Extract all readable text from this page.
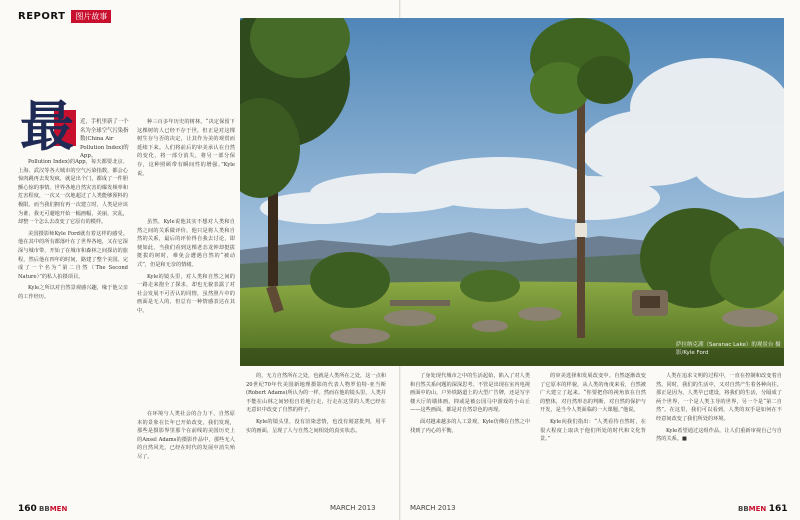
REPORT	图片故事
最	近，手机里新了一个名为全球空气污染指数(China Air Pollution Index)的App。

Pollution Index)的App，每天都要北京、上海、武汉等各大城市的空气污染指数，都会心惊肉跳再去发发疯，就是出个门，都成了一件胆颤心惊的事情。世界各地自然灾害的爆发频率和危害程度，一次又一次地超过了人类能够预料的极限。而当我们拥有再一次建立时，人类是应该为谁、我无可避地开始一幅画幅，美丽，灾乱，却整一个怎么去改变了它原有的模样。

美国摄影师Kyle Ford就有着这样的感受。他在其中的所有都落叶在了世界各地，又在它深深与城市带，开始了在城市和森林之间探访的旅程，然后他在四年的时间，路建了整个美国。完成了一个名为“第二自然（The Second Nature）”的私人拍摄项目。

Kyle之所以对自然景观感兴趣，缘于他父亲的工作经历。

种三百多年历史的树林。“决定保留下这棵树的人已经不存于世，但正是对这棵树生存与否的决定，让其作为美的观赏而延续下来。人们将前后的审美承认在自然的变化，将一部分消失，将另一部分保存，这种照顾带有瞬间性的增强。”Kyle说。

虽然，Kyle说他其实不想对人类和自然之间的关系做评价，他只是将人类和自然的关系，最后的评价得自我去讨论，即便如此，当我们看到这棵老态龙钟却挺拔挺拔的树时，难免会遭遇自然的“被动式”，但是和无奈的情绪。

Kyle的镜头里，对人类和自然之间的一路走来抱全了探求，却也无貌表露了对社会发展不可否认的同情，虽然照片中的画面是无人的，但总有一种情感表达在其中。

在环境与人类社会的合力下，自然原本的景象在长年已开始改变，我们发现，那些是摄影界里那个在前线的美国历史上的Ansel Adams的摄影作品中，那些无人的自然风光，已经在时代的发展中消失殆尽了。

的，无力自然所在之处，也就是人类所在之处，这一点和20世纪70年代美国新地理摄影的代表人物罗伯特·亚当斯(Robert Adams)所认为的一样。然而在他的镜头里，人类并不能在山林之间轻松自若地行走，行走在这里的人类已经在无意识中改变了自然的样子。

Kyle的镜头里，没有渲染悲情，也没有刻意批判，用平实的画面，呈现了人与自然之间相处的真实状态。

了身处现代城市之中的生活起始，陷入了对人类和自然关系问题的深深思考。不管是出现在室内电视画面中的山，户外铁路道上的大型广告牌，还是写字楼大厅的墙体画，抑或是被公园马中游戏的小山丘——这些画面，都是对自然景色的再现。

面对越来越多的人工景观，Kyle仿佛在自然之中找到了内心的平衡。

的审美选择和发展改变中。自然逐渐改变了它原本的样貌，从人类的角度来看，自然被广大建立了起来。“你要把你的视角放在自然的整体，对自然形态的判断，对自然的保护与开发，是当今人类面临的一大课题。”他说。

Kyle向我们指出：“人类看待自然时，在很大程度上取决于他们所处的时代和文化背景。”

人类在追求文明的过程中，一直在控制和改变着自然。同时，我们的生活中，又对自然产生着各种向往。那正是因为，人类早已建设，将我们的生活，分隔成了两个世界，一个是人类主导的世界，另一个是“第二自然”。在这里，我们可以看到，人类的双手是如何在不经意间改变了我们所处的环境。

Kyle希望通过这组作品，让人们重新审视自己与自然的关系。■

萨拉纳克湖（Saranac Lake）的观景台 摄影/Kyle Ford
160 BBMEN	MARCH 2013	MARCH 2013	BBMEN 161
